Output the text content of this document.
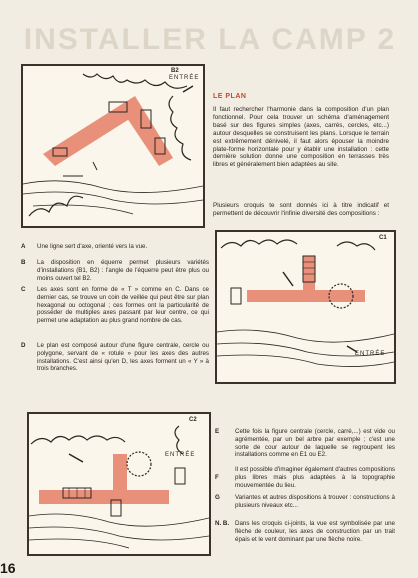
INSTALLER LA CAMP 2
B2
ENTRÉE
LE PLAN
Il faut rechercher l'harmonie dans la composition d'un plan fonctionnel. Pour cela trouver un schéma d'aménagement basé sur des figures simples (axes, carrés, cercles, etc...) autour desquelles se construisent les plans. Lorsque le terrain est extrêmement dénivelé, il faut alors épouser la moindre plate-forme horizontale pour y établir une installation : cette dernière solution donne une composition en terrasses très libres et généralement bien adaptées au site.
Plusieurs croquis te sont donnés ici à titre indicatif et permettent de découvrir l'infinie diversité des compositions :
A Une ligne sert d'axe, orienté vers la vue.
B La disposition en équerre permet plusieurs variétés d'installations (B1, B2) : l'angle de l'équerre peut être plus ou moins ouvert tel B2.
C Les axes sont en forme de « T » comme en C. Dans ce dernier cas, se trouve un coin de veillée qui peut être sur plan hexagonal ou octogonal ; ces formes ont la particularité de posséder de multiples axes passant par leur centre, ce qui permet une adaptation au plus grand nombre de cas.
D Le plan est composé autour d'une figure centrale, cercle ou polygone, servant de « rotule » pour les axes des autres installations. C'est ainsi qu'en D, les axes forment un « Y » à trois branches.
C1
ENTRÉE
C2
ENTRÉE
E	Cette fois la figure centrale (cercle, carré,...) est vide ou agrémentée, par un bel arbre par exemple ; c'est une sorte de cour autour de laquelle se regroupent les installations comme en E1 ou E2.
F
Il est possible d'imaginer également d'autres compositions plus libres mais plus adaptées à la topographie mouvementée du lieu.
G Variantes et autres dispositions à trouver : constructions à plusieurs niveaux etc...
N. B. Dans les croquis ci-joints, la vue est symbolisée par une flèche de couleur, les axes de construction par un trait épais et le vent dominant par une flèche noire.
16
